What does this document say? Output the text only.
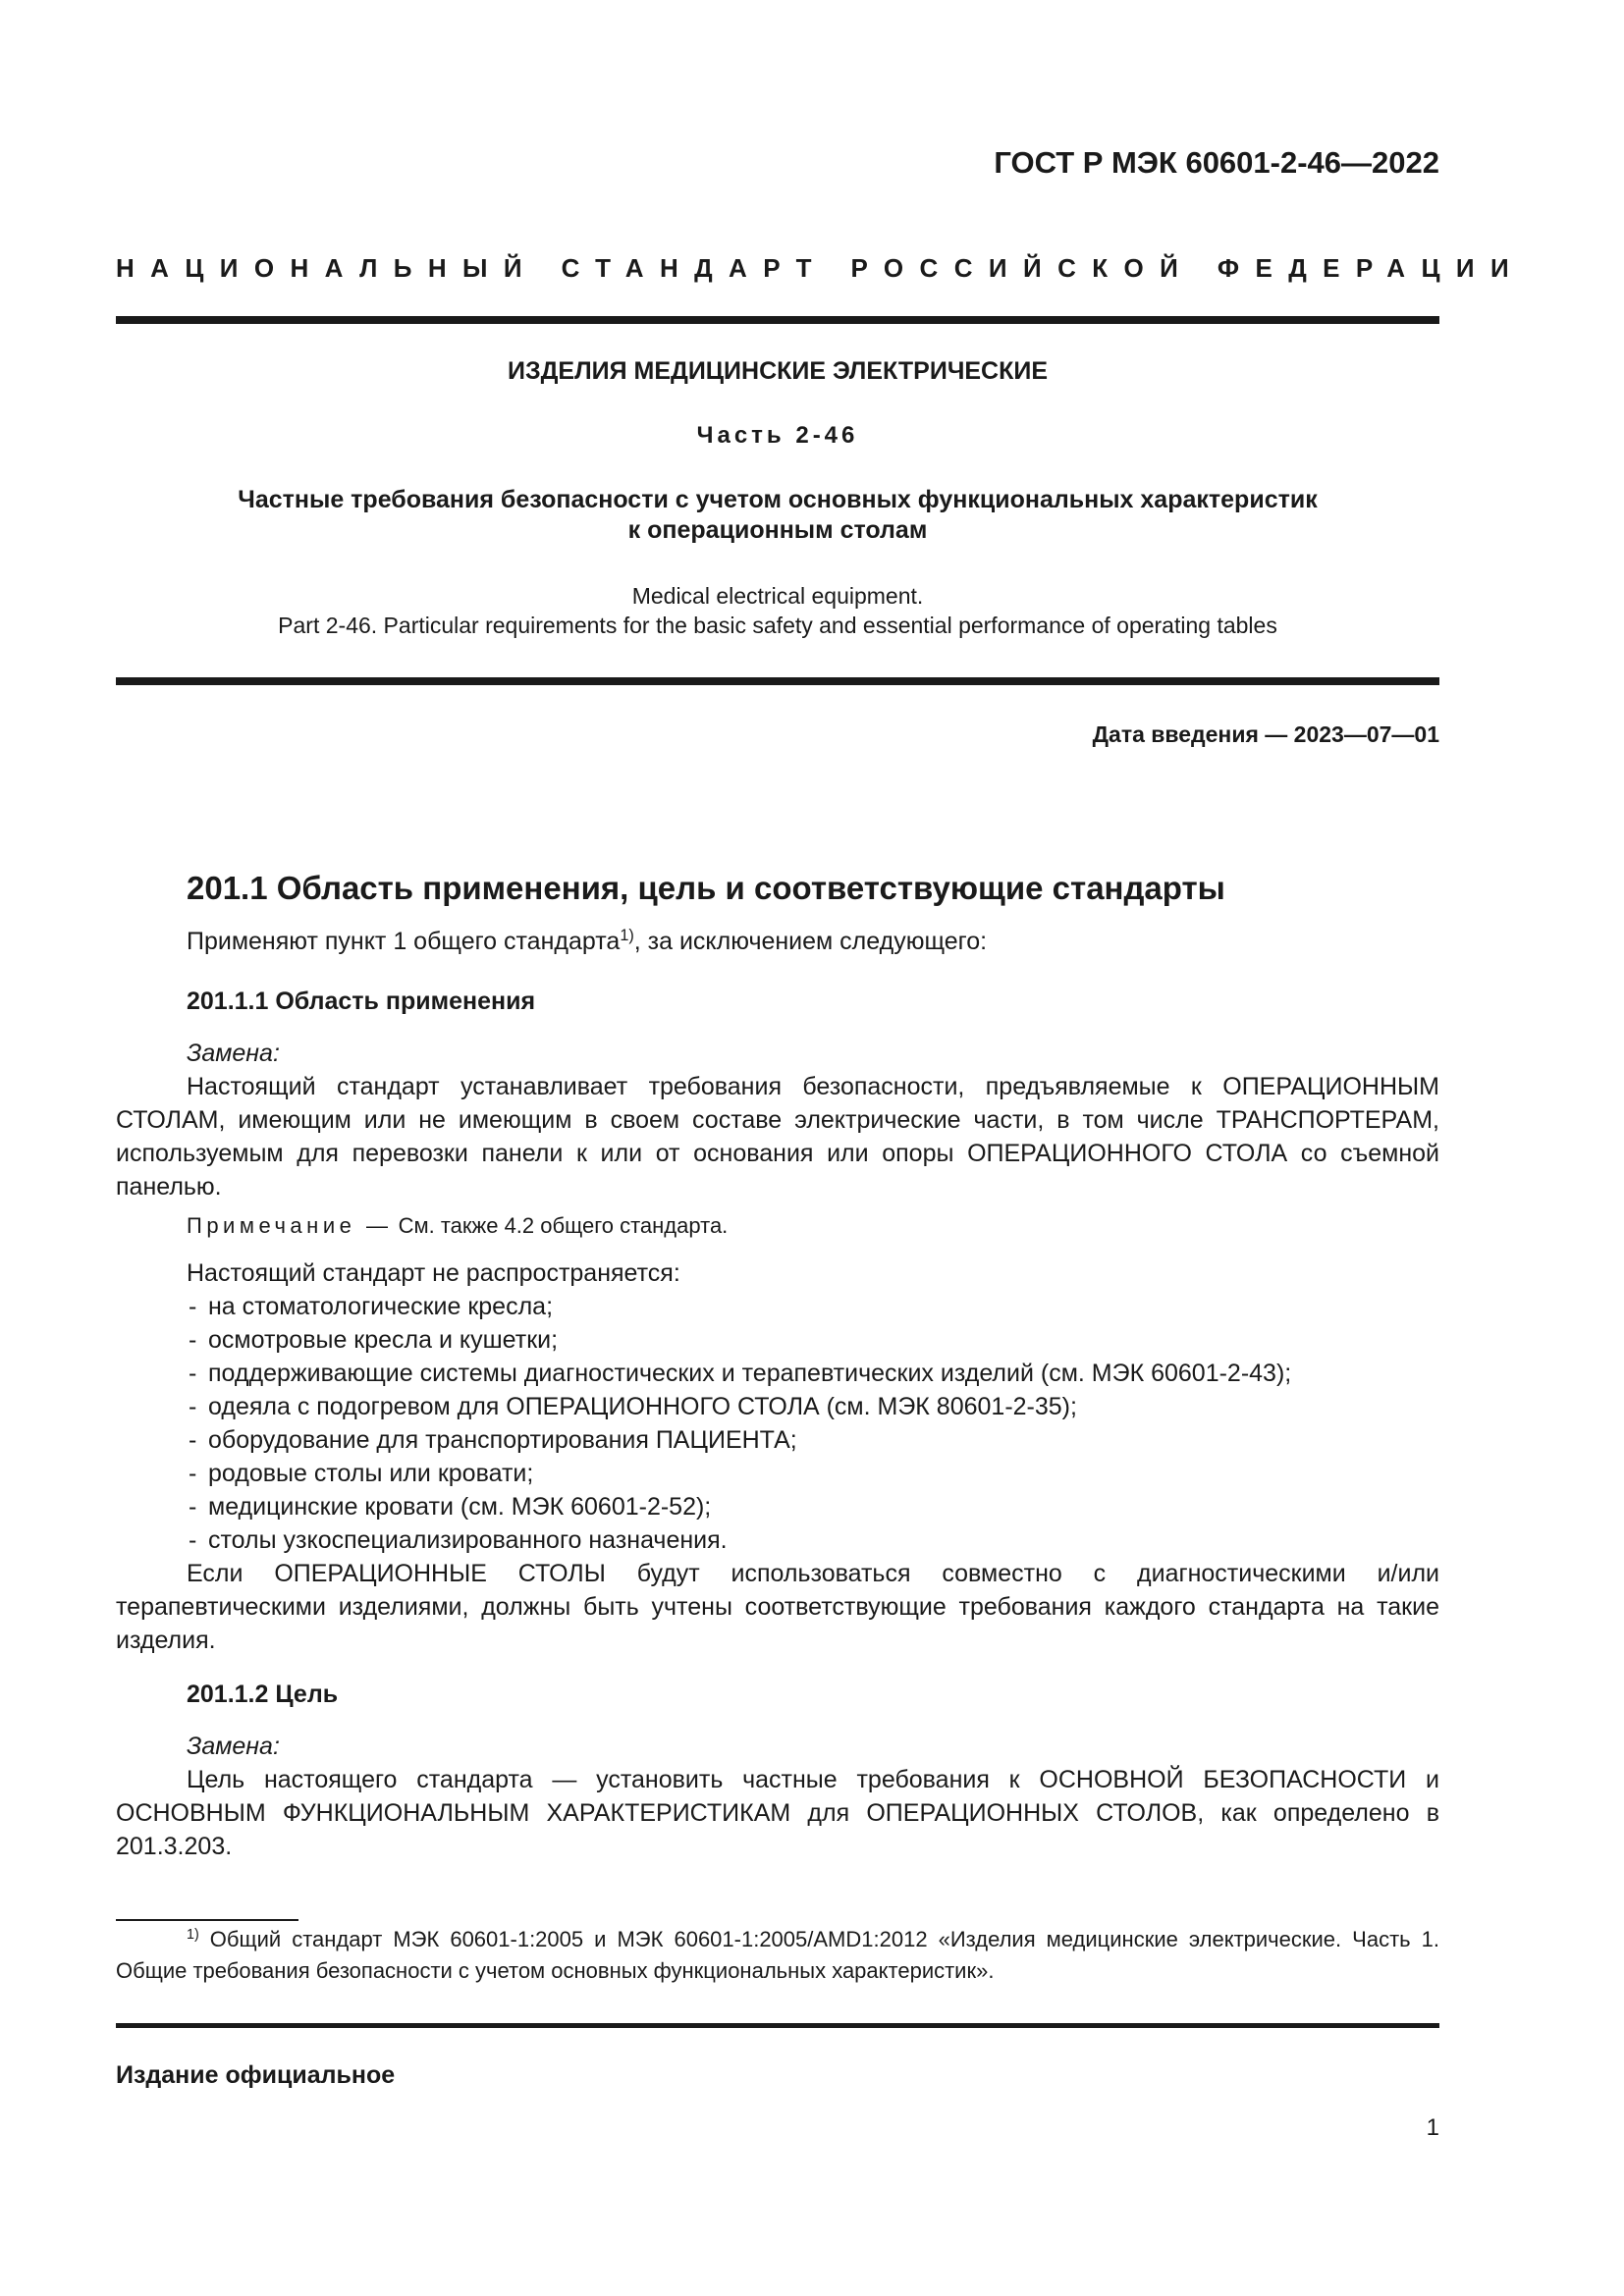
ГОСТ Р МЭК 60601-2-46—2022
НАЦИОНАЛЬНЫЙ СТАНДАРТ РОССИЙСКОЙ ФЕДЕРАЦИИ
ИЗДЕЛИЯ МЕДИЦИНСКИЕ ЭЛЕКТРИЧЕСКИЕ
Часть 2-46
Частные требования безопасности с учетом основных функциональных характеристик
к операционным столам
Medical electrical equipment.
Part 2-46. Particular requirements for the basic safety and essential performance of operating tables
Дата введения — 2023—07—01
201.1 Область применения, цель и соответствующие стандарты
Применяют пункт 1 общего стандарта$^{1)}$, за исключением следующего:
201.1.1 Область применения
Замена:
Настоящий стандарт устанавливает требования безопасности, предъявляемые к ОПЕРАЦИОННЫМ СТОЛАМ, имеющим или не имеющим в своем составе электрические части, в том числе ТРАНСПОРТЕРАМ, используемым для перевозки панели к или от основания или опоры ОПЕРАЦИОННОГО СТОЛА со съемной панелью.
Примечание — См. также 4.2 общего стандарта.
Настоящий стандарт не распространяется:
- на стоматологические кресла;
- осмотровые кресла и кушетки;
- поддерживающие системы диагностических и терапевтических изделий (см. МЭК 60601-2-43);
- одеяла с подогревом для ОПЕРАЦИОННОГО СТОЛА (см. МЭК 80601-2-35);
- оборудование для транспортирования ПАЦИЕНТА;
- родовые столы или кровати;
- медицинские кровати (см. МЭК 60601-2-52);
- столы узкоспециализированного назначения.
Если ОПЕРАЦИОННЫЕ СТОЛЫ будут использоваться совместно с диагностическими и/или терапевтическими изделиями, должны быть учтены соответствующие требования каждого стандарта на такие изделия.
201.1.2 Цель
Замена:
Цель настоящего стандарта — установить частные требования к ОСНОВНОЙ БЕЗОПАСНОСТИ и ОСНОВНЫМ ФУНКЦИОНАЛЬНЫМ ХАРАКТЕРИСТИКАМ для ОПЕРАЦИОННЫХ СТОЛОВ, как определено в 201.3.203.
$^{1)}$ Общий стандарт МЭК 60601-1:2005 и МЭК 60601-1:2005/AMD1:2012 «Изделия медицинские электрические. Часть 1. Общие требования безопасности с учетом основных функциональных характеристик».
Издание официальное
1
